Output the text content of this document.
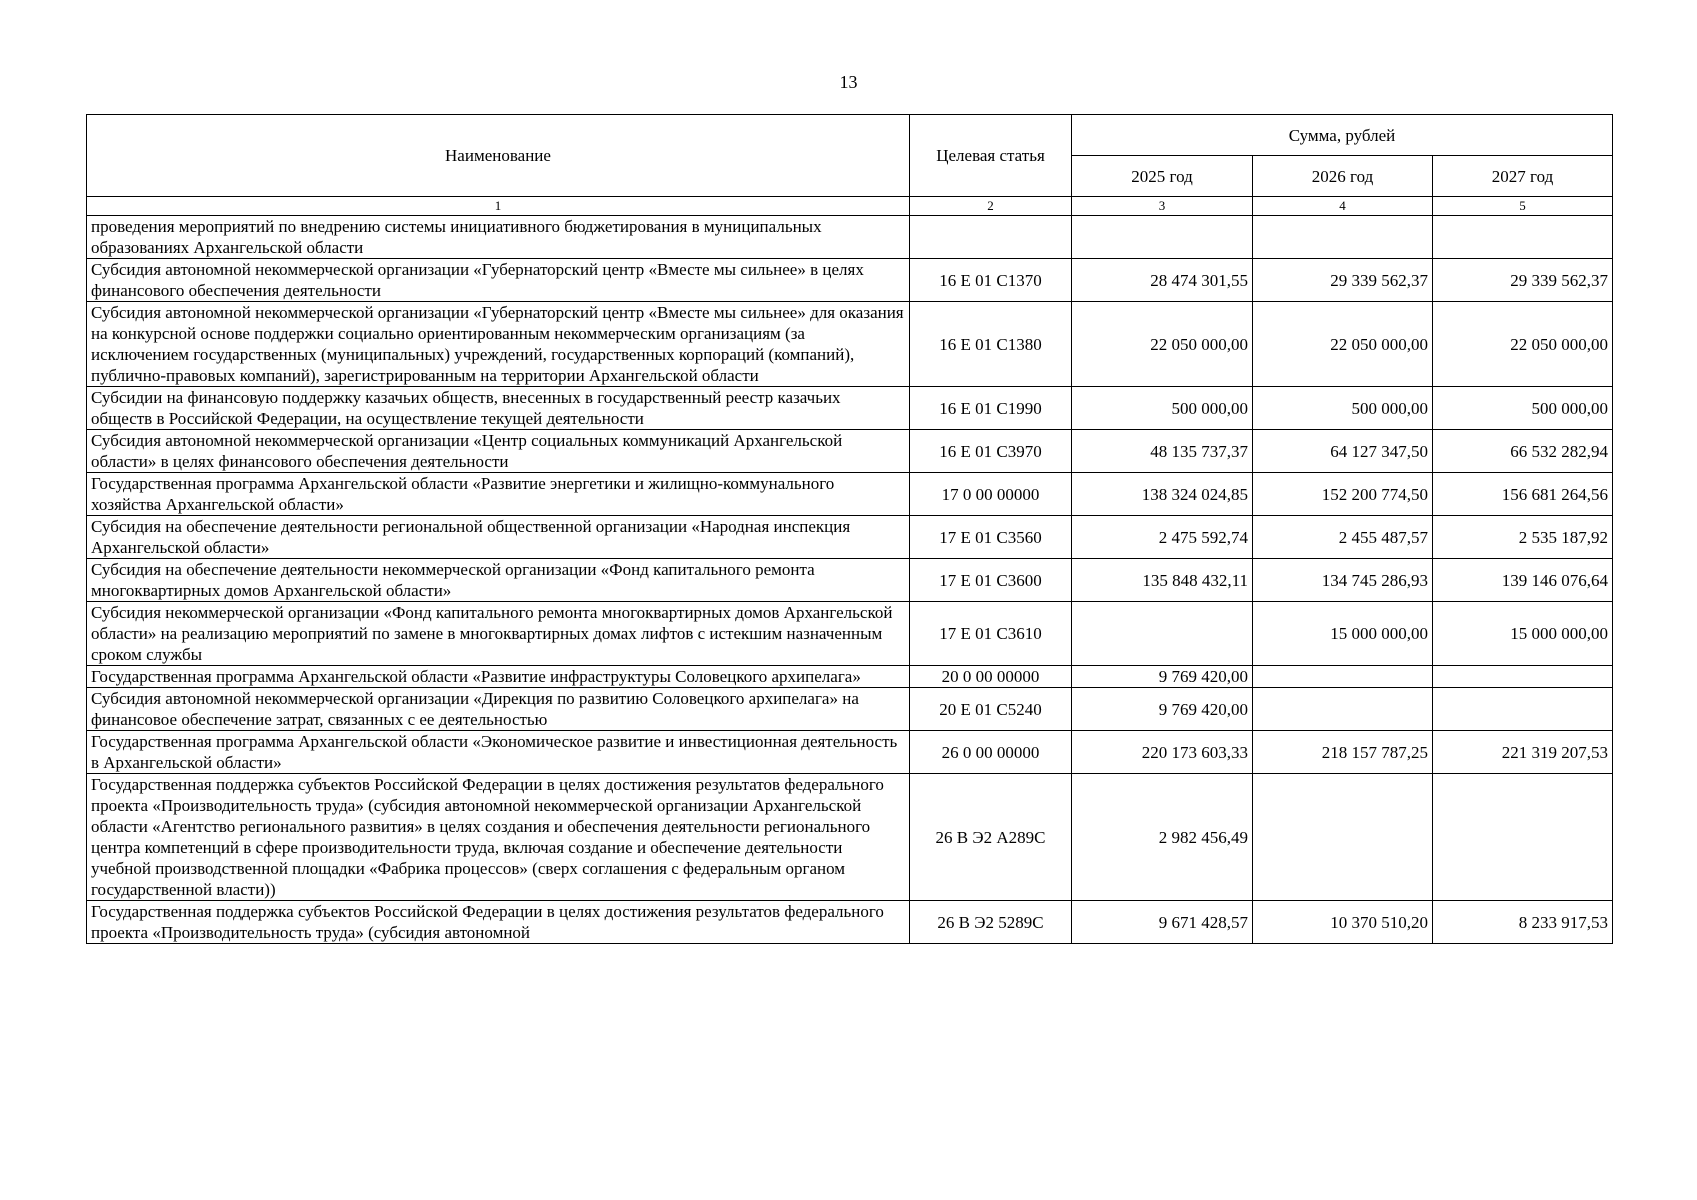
13
Наименование	Целевая статья	Сумма, рублей		
		2025 год	2026 год	2027 год
1	2	3	4	5
проведения мероприятий по внедрению системы инициативного бюджетирования в муниципальных образованиях Архангельской области				
Субсидия автономной некоммерческой организации «Губернаторский центр «Вместе мы сильнее» в целях финансового обеспечения деятельности	16 Е 01 С1370	28 474 301,55	29 339 562,37	29 339 562,37
Субсидия автономной некоммерческой организации «Губернаторский центр «Вместе мы сильнее» для оказания на конкурсной основе поддержки социально ориентированным некоммерческим организациям (за исключением государственных (муниципальных) учреждений, государственных корпораций (компаний), публично-правовых компаний), зарегистрированным на территории Архангельской области	16 Е 01 С1380	22 050 000,00	22 050 000,00	22 050 000,00
Субсидии на финансовую поддержку казачьих обществ, внесенных в государственный реестр казачьих обществ в Российской Федерации, на осуществление текущей деятельности	16 Е 01 С1990	500 000,00	500 000,00	500 000,00
Субсидия автономной некоммерческой организации «Центр социальных коммуникаций Архангельской области» в целях финансового обеспечения деятельности	16 Е 01 С3970	48 135 737,37	64 127 347,50	66 532 282,94
Государственная программа Архангельской области «Развитие энергетики и жилищно-коммунального хозяйства Архангельской области»	17 0 00 00000	138 324 024,85	152 200 774,50	156 681 264,56
Субсидия на обеспечение деятельности региональной общественной организации «Народная инспекция Архангельской области»	17 Е 01 С3560	2 475 592,74	2 455 487,57	2 535 187,92
Субсидия на обеспечение деятельности некоммерческой организации «Фонд капитального ремонта многоквартирных домов Архангельской области»	17 Е 01 С3600	135 848 432,11	134 745 286,93	139 146 076,64
Субсидия некоммерческой организации «Фонд капитального ремонта многоквартирных домов Архангельской области» на реализацию мероприятий по замене в многоквартирных домах лифтов с истекшим назначенным сроком службы	17 Е 01 С3610		15 000 000,00	15 000 000,00
Государственная программа Архангельской области «Развитие инфраструктуры Соловецкого архипелага»	20 0 00 00000	9 769 420,00		
Субсидия автономной некоммерческой организации «Дирекция по развитию Соловецкого архипелага» на финансовое обеспечение затрат, связанных с ее деятельностью	20 Е 01 С5240	9 769 420,00		
Государственная программа Архангельской области «Экономическое развитие и инвестиционная деятельность в Архангельской области»	26 0 00 00000	220 173 603,33	218 157 787,25	221 319 207,53
Государственная поддержка субъектов Российской Федерации в целях достижения результатов федерального проекта «Производительность труда» (субсидия автономной некоммерческой организации Архангельской области «Агентство регионального развития» в целях создания и обеспечения деятельности регионального центра компетенций в сфере производительности труда, включая создание и обеспечение деятельности учебной производственной площадки «Фабрика процессов» (сверх соглашения с федеральным органом государственной власти))	26 В Э2 А289С	2 982 456,49		
Государственная поддержка субъектов Российской Федерации в целях достижения результатов федерального проекта «Производительность труда» (субсидия автономной	26 В Э2 5289С	9 671 428,57	10 370 510,20	8 233 917,53
